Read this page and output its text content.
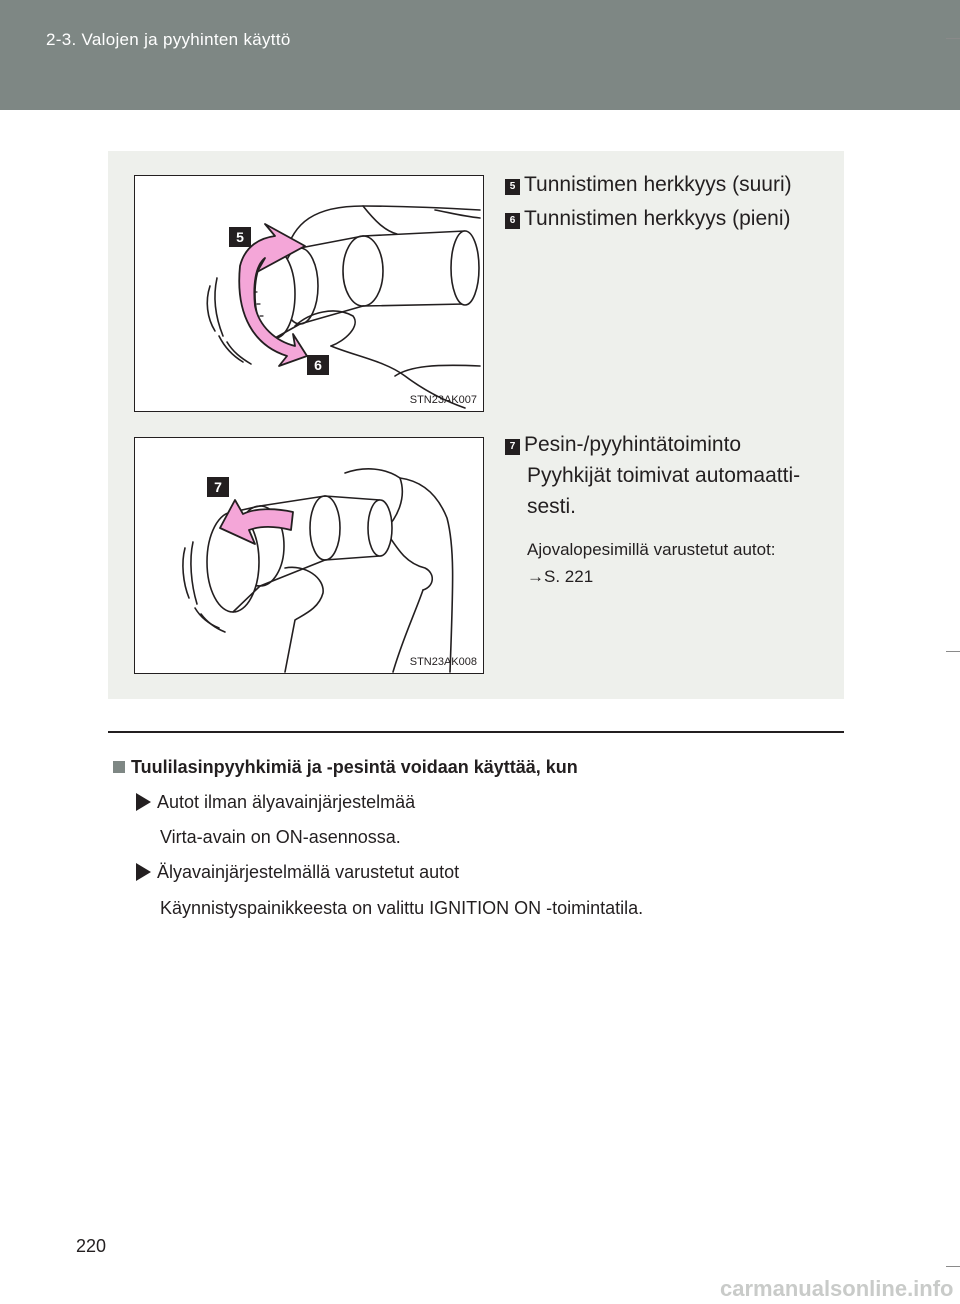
2-3. Valojen ja pyyhinten käyttö
STN23AK007
5
6
STN23AK008
7
5 Tunnistimen herkkyys (suuri)
6 Tunnistimen herkkyys (pieni)
7 Pesin-/pyyhintätoiminto
Pyyhkijät toimivat automaatti-
sesti.
Ajovalopesimillä varustetut autot:
→S. 221
Tuulilasinpyyhkimiä ja -pesintä voidaan käyttää, kun
Autot ilman älyavainjärjestelmää
Virta-avain on ON-asennossa.
Älyavainjärjestelmällä varustetut autot
Käynnistyspainikkeesta on valittu IGNITION ON -toimintatila.
220
carmanualsonline.info
